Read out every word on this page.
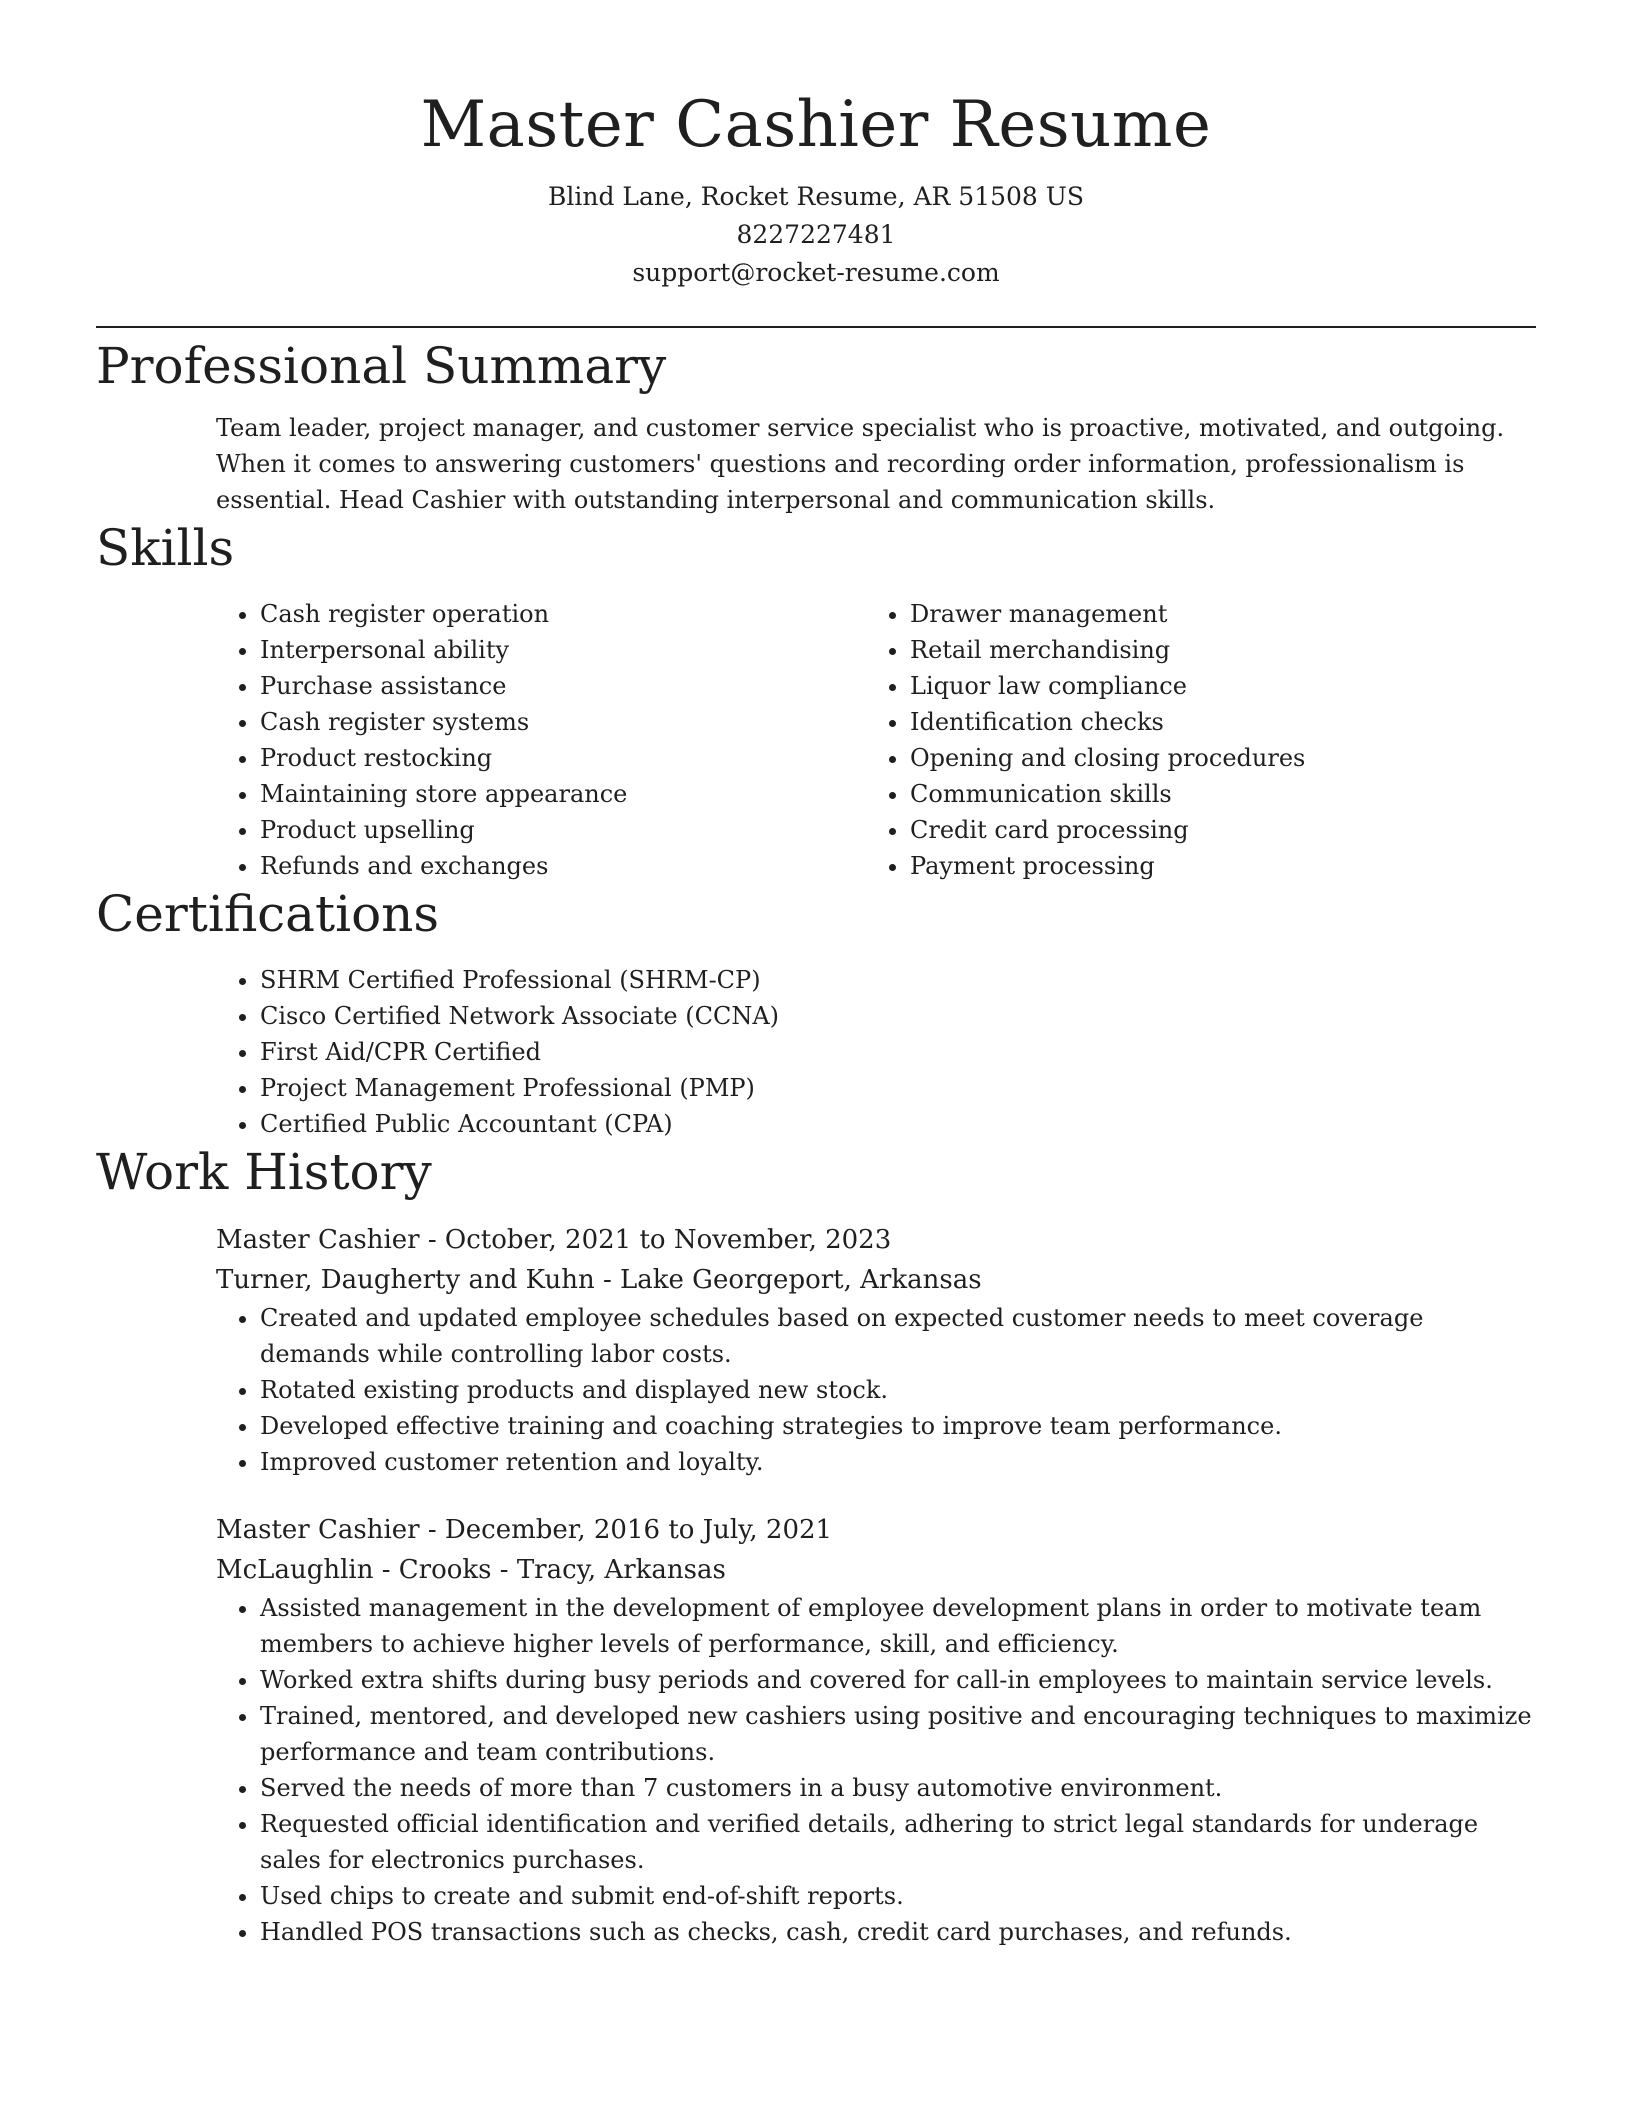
Master Cashier Resume
Blind Lane, Rocket Resume, AR 51508 US
8227227481
support@rocket-resume.com
Professional Summary

Team leader, project manager, and customer service specialist who is proactive, motivated, and outgoing. When it comes to answering customers' questions and recording order information, professionalism is essential. Head Cashier with outstanding interpersonal and communication skills.

Skills
• Cash register operation
• Interpersonal ability
• Purchase assistance
• Cash register systems
• Product restocking
• Maintaining store appearance
• Product upselling
• Refunds and exchanges
• Drawer management
• Retail merchandising
• Liquor law compliance
• Identification checks
• Opening and closing procedures
• Communication skills
• Credit card processing
• Payment processing
Certifications
• SHRM Certified Professional (SHRM-CP)
• Cisco Certified Network Associate (CCNA)
• First Aid/CPR Certified
• Project Management Professional (PMP)
• Certified Public Accountant (CPA)
Work History
Master Cashier - October, 2021 to November, 2023
Turner, Daugherty and Kuhn - Lake Georgeport, Arkansas
• Created and updated employee schedules based on expected customer needs to meet coverage demands while controlling labor costs.
• Rotated existing products and displayed new stock.
• Developed effective training and coaching strategies to improve team performance.
• Improved customer retention and loyalty.
Master Cashier - December, 2016 to July, 2021
McLaughlin - Crooks - Tracy, Arkansas
• Assisted management in the development of employee development plans in order to motivate team members to achieve higher levels of performance, skill, and efficiency.
• Worked extra shifts during busy periods and covered for call-in employees to maintain service levels.
• Trained, mentored, and developed new cashiers using positive and encouraging techniques to maximize performance and team contributions.
• Served the needs of more than 7 customers in a busy automotive environment.
• Requested official identification and verified details, adhering to strict legal standards for underage sales for electronics purchases.
• Used chips to create and submit end-of-shift reports.
• Handled POS transactions such as checks, cash, credit card purchases, and refunds.
